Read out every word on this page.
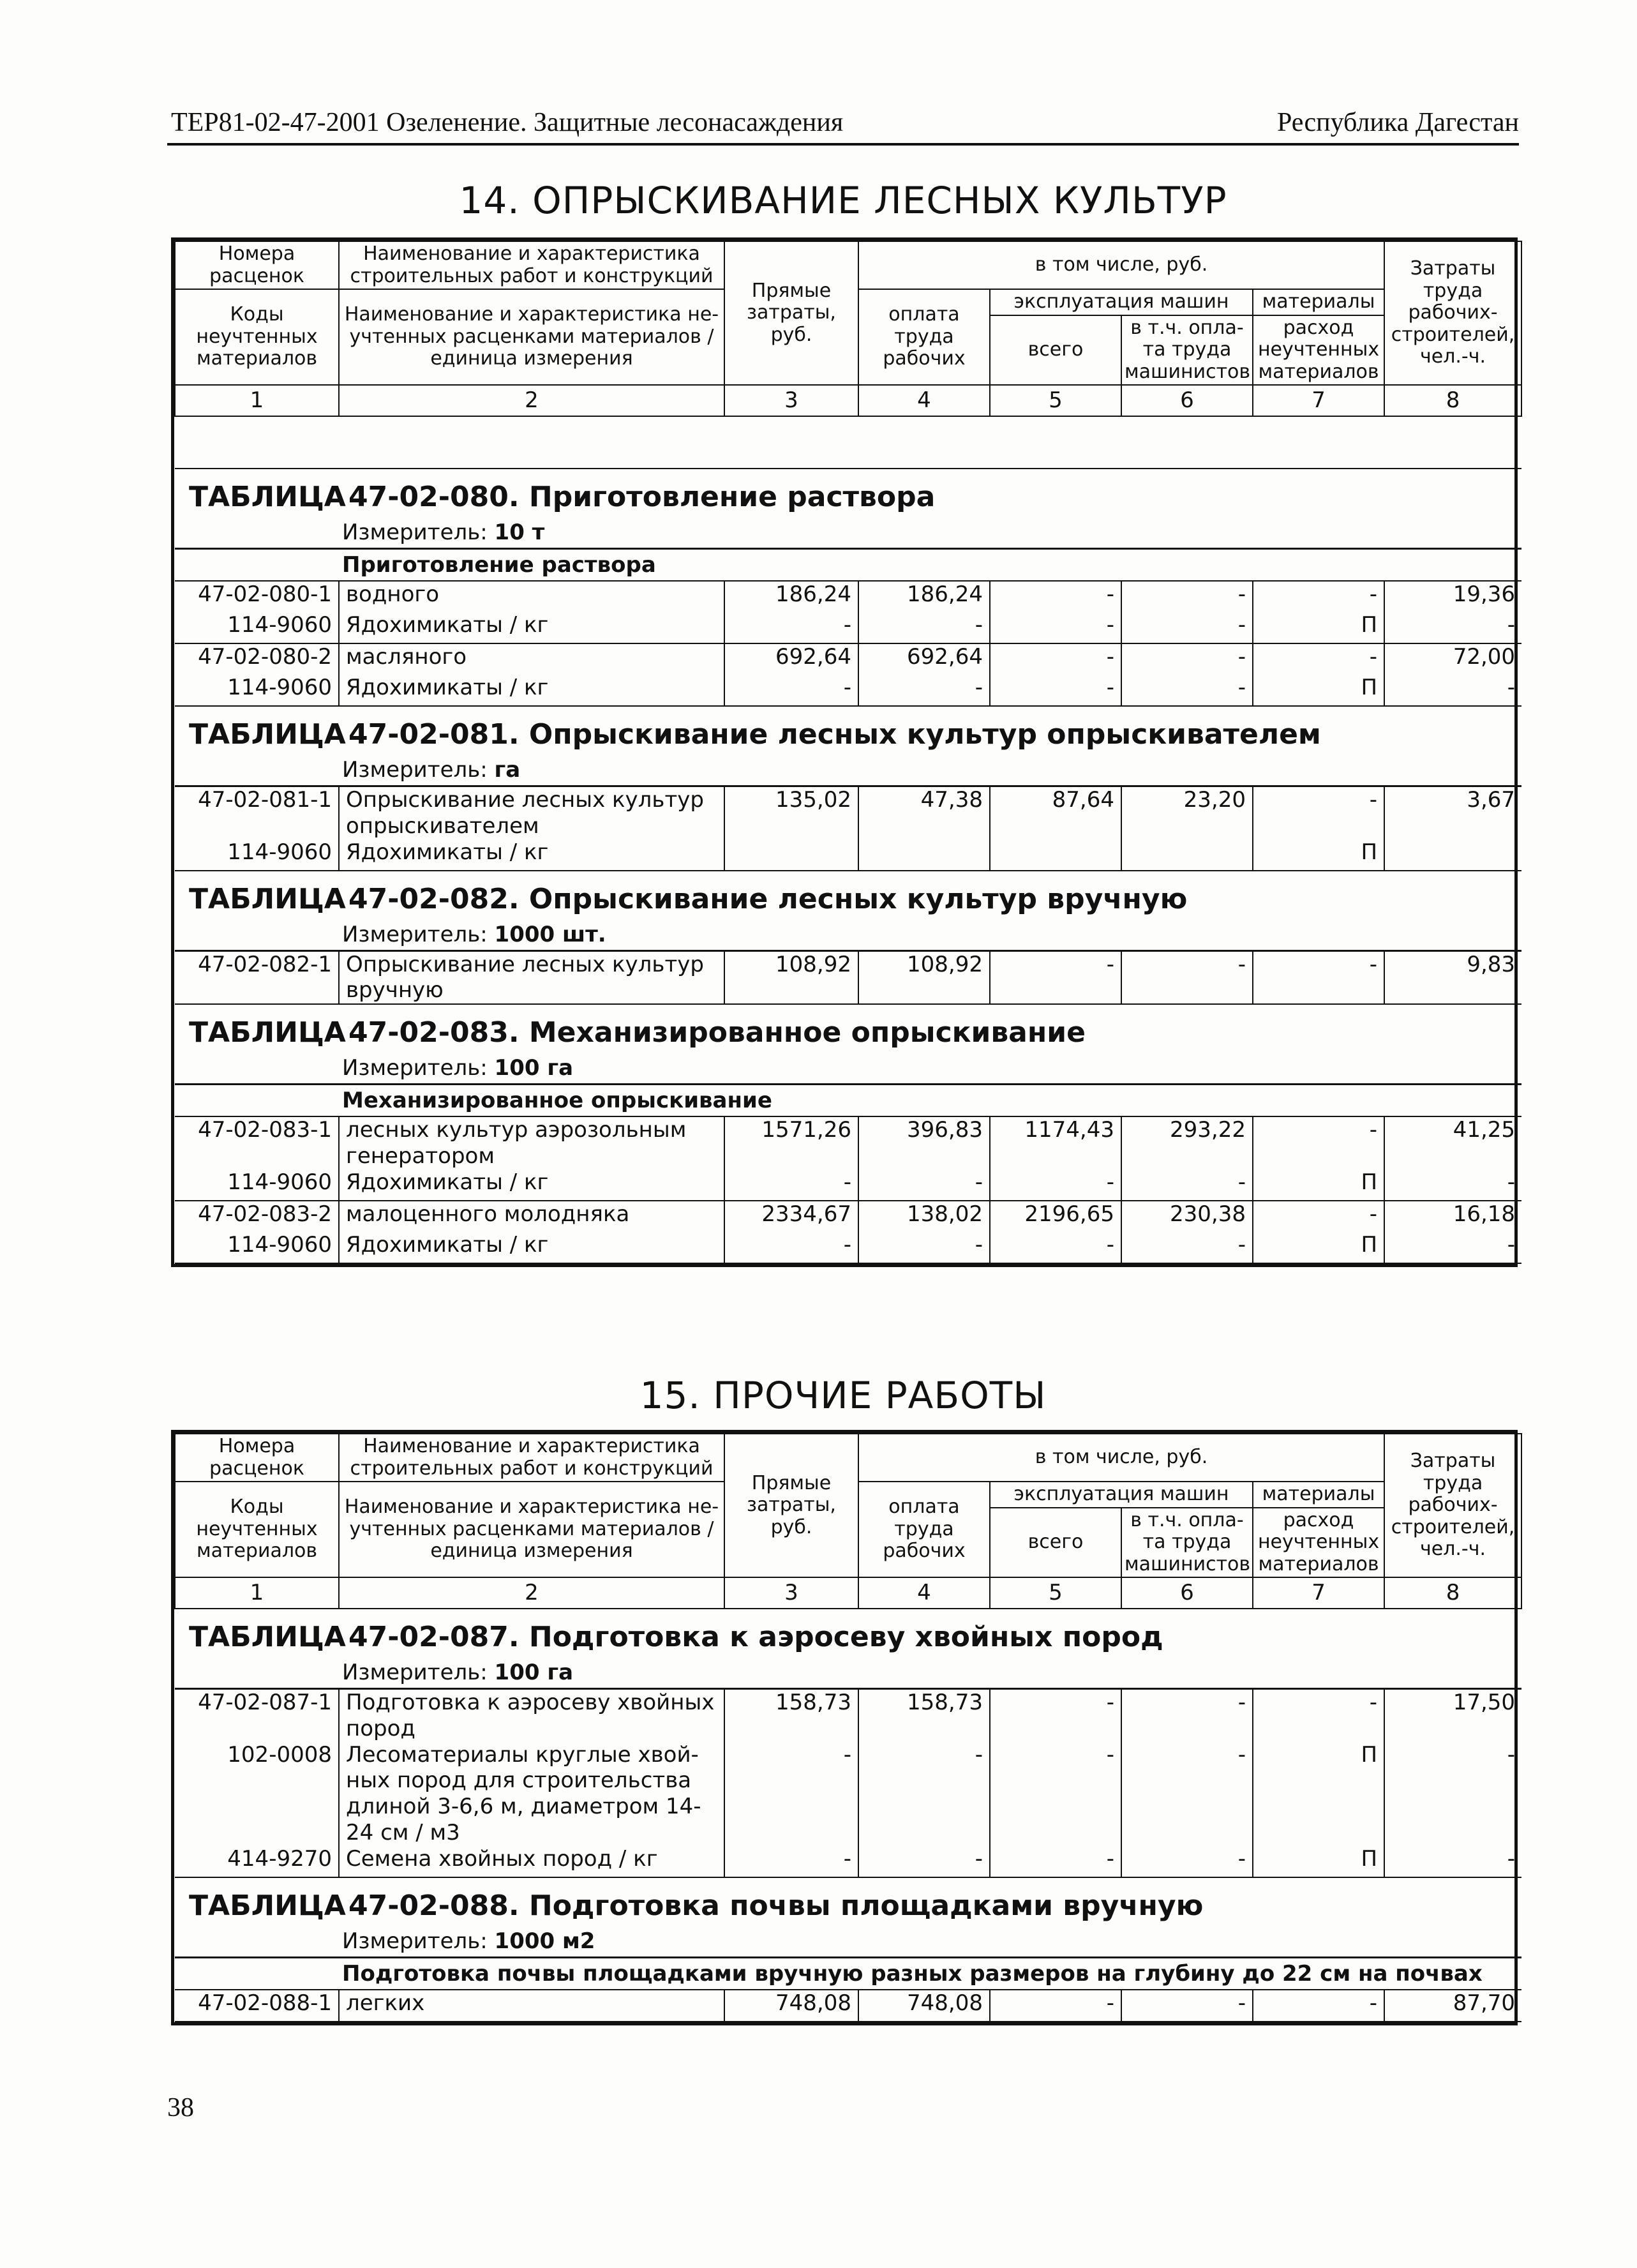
ТЕР81-02-47-2001 Озеленение. Защитные лесонасаждения	Республика Дагестан
14. ОПРЫСКИВАНИЕ ЛЕСНЫХ КУЛЬТУР
Номера расценок	Наименование и характеристика строительных работ и конструкций	Прямые затраты, руб.	в том числе, руб.				Затраты труда рабочих-строителей, чел.-ч.
Коды неучтенных материалов	Наименование и характеристика не-учтенных расценками материалов / единица измерения		оплата труда рабочих	эксплуатация машин		материалы	
				всего	в т.ч. опла-та труда машинистов	расход неучтенных материалов	
1	2	3	4	5	6	7	8

ТАБЛИЦА47-02-080. Приготовление раствора							
Измеритель: 10 т							
Приготовление раствора							
47-02-080-1	водного	186,24	186,24	-	-	-	19,36
114-9060	Ядохимикаты / кг	-	-	-	-	П	-
47-02-080-2	масляного	692,64	692,64	-	-	-	72,00
114-9060	Ядохимикаты / кг	-	-	-	-	П	-
ТАБЛИЦА47-02-081. Опрыскивание лесных культур опрыскивателем							
Измеритель: га							
47-02-081-1	Опрыскивание лесных культур опрыскивателем	135,02	47,38	87,64	23,20	-	3,67
114-9060	Ядохимикаты / кг					П	
ТАБЛИЦА47-02-082. Опрыскивание лесных культур вручную							
Измеритель: 1000 шт.							
47-02-082-1	Опрыскивание лесных культур вручную	108,92	108,92	-	-	-	9,83
ТАБЛИЦА47-02-083. Механизированное опрыскивание							
Измеритель: 100 га							
Механизированное опрыскивание							
47-02-083-1	лесных культур аэрозольным генератором	1571,26	396,83	1174,43	293,22	-	41,25
114-9060	Ядохимикаты / кг	-	-	-	-	П	-
47-02-083-2	малоценного молодняка	2334,67	138,02	2196,65	230,38	-	16,18
114-9060	Ядохимикаты / кг	-	-	-	-	П	-
15. ПРОЧИЕ РАБОТЫ
Номера расценок	Наименование и характеристика строительных работ и конструкций	Прямые затраты, руб.	в том числе, руб.				Затраты труда рабочих-строителей, чел.-ч.
Коды неучтенных материалов	Наименование и характеристика не-учтенных расценками материалов / единица измерения		оплата труда рабочих	эксплуатация машин		материалы	
				всего	в т.ч. опла-та труда машинистов	расход неучтенных материалов	
1	2	3	4	5	6	7	8
ТАБЛИЦА47-02-087. Подготовка к аэросеву хвойных пород							
Измеритель: 100 га							
47-02-087-1	Подготовка к аэросеву хвойных пород	158,73	158,73	-	-	-	17,50
102-0008	Лесоматериалы круглые хвой-ных пород для строительства длиной 3-6,6 м, диаметром 14-24 см / м3	-	-	-	-	П	-
414-9270	Семена хвойных пород / кг	-	-	-	-	П	-
ТАБЛИЦА47-02-088. Подготовка почвы площадками вручную							
Измеритель: 1000 м2							
Подготовка почвы площадками вручную разных размеров на глубину до 22 см на почвах							
47-02-088-1	легких	748,08	748,08	-	-	-	87,70
38
